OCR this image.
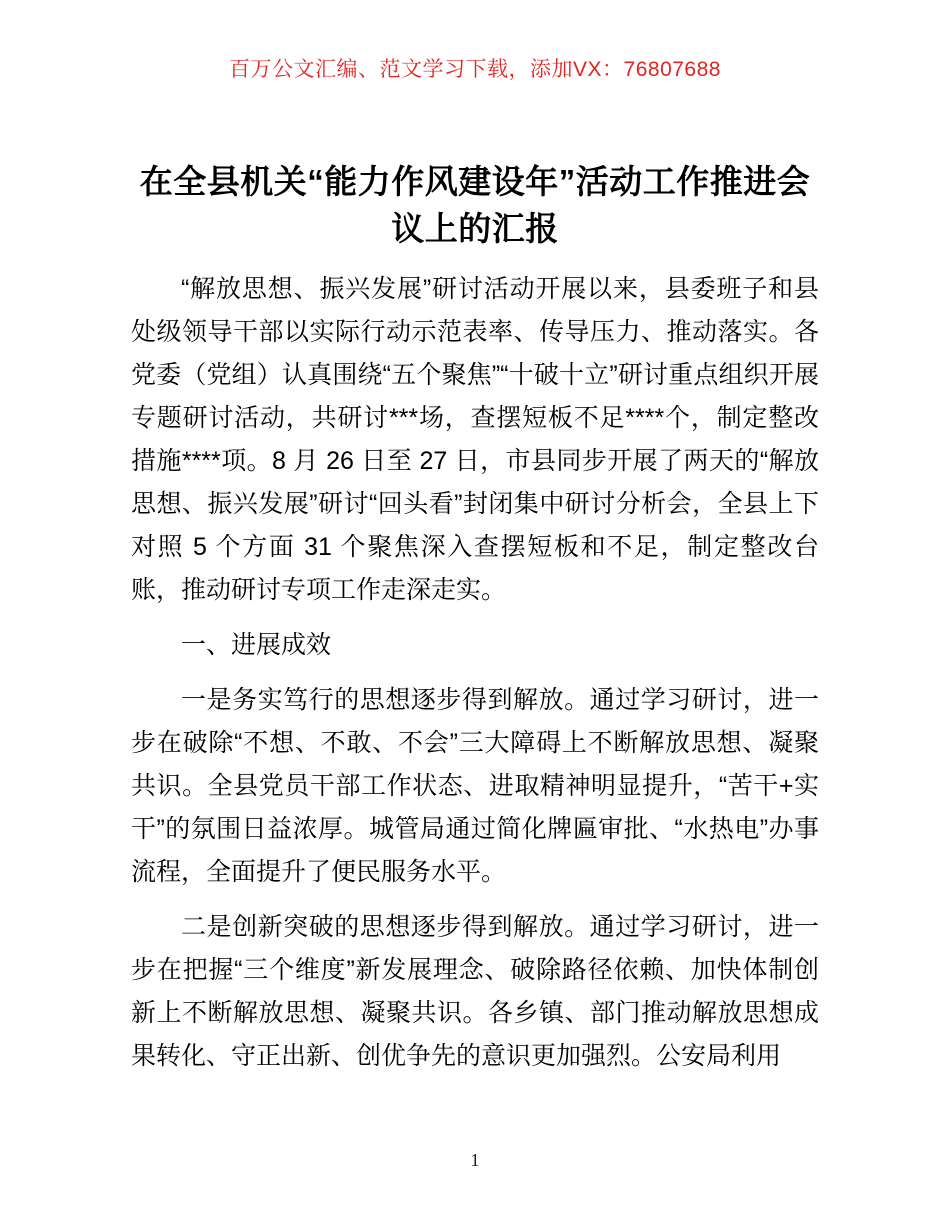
百万公文汇编、范文学习下载，添加VX：76807688
在全县机关“能力作风建设年”活动工作推进会议上的汇报

“解放思想、振兴发展”研讨活动开展以来，县委班子和县处级领导干部以实际行动示范表率、传导压力、推动落实。各党委（党组）认真围绕“五个聚焦”“十破十立”研讨重点组织开展专题研讨活动，共研讨***场，查摆短板不足****个，制定整改措施****项。8 月 26 日至 27 日，市县同步开展了两天的“解放思想、振兴发展”研讨“回头看”封闭集中研讨分析会，全县上下对照 5 个方面 31 个聚焦深入查摆短板和不足，制定整改台账，推动研讨专项工作走深走实。

一、进展成效

一是务实笃行的思想逐步得到解放。通过学习研讨，进一步在破除“不想、不敢、不会”三大障碍上不断解放思想、凝聚共识。全县党员干部工作状态、进取精神明显提升，“苦干+实干”的氛围日益浓厚。城管局通过简化牌匾审批、“水热电”办事流程，全面提升了便民服务水平。

二是创新突破的思想逐步得到解放。通过学习研讨，进一步在把握“三个维度”新发展理念、破除路径依赖、加快体制创新上不断解放思想、凝聚共识。各乡镇、部门推动解放思想成果转化、守正出新、创优争先的意识更加强烈。公安局利用

1
